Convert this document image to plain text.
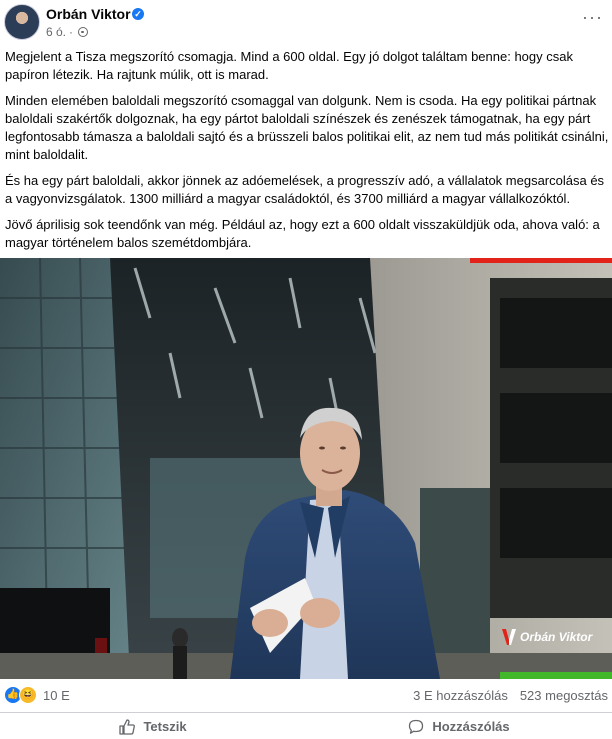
Orbán Viktor ✓
6 ó. ·
···

Megjelent a Tisza megszorító csomagja. Mind a 600 oldal. Egy jó dolgot találtam benne: hogy csak papíron létezik. Ha rajtunk múlik, ott is marad.

Minden elemében baloldali megszorító csomaggal van dolgunk. Nem is csoda. Ha egy politikai pártnak baloldali szakértők dolgoznak, ha egy pártot baloldali színészek és zenészek támogatnak, ha egy párt legfontosabb támasza a baloldali sajtó és a brüsszeli balos politikai elit, az nem tud más politikát csinálni, mint baloldalit.

És ha egy párt baloldali, akkor jönnek az adóemelések, a progresszív adó, a vállalatok megsarcolása és a vagyonvizsgálatok. 1300 milliárd a magyar családoktól, és 3700 milliárd a magyar vállalkozóktól.

Jövő áprilisig sok teendőnk van még. Például az, hogy ezt a 600 oldalt visszaküldjük oda, ahova való: a magyar történelem balos szemétdombjára.

Orbán Viktor
👍 😆 10 E	3 E hozzászólás 523 megosztás
Tetszik	Hozzászólás
